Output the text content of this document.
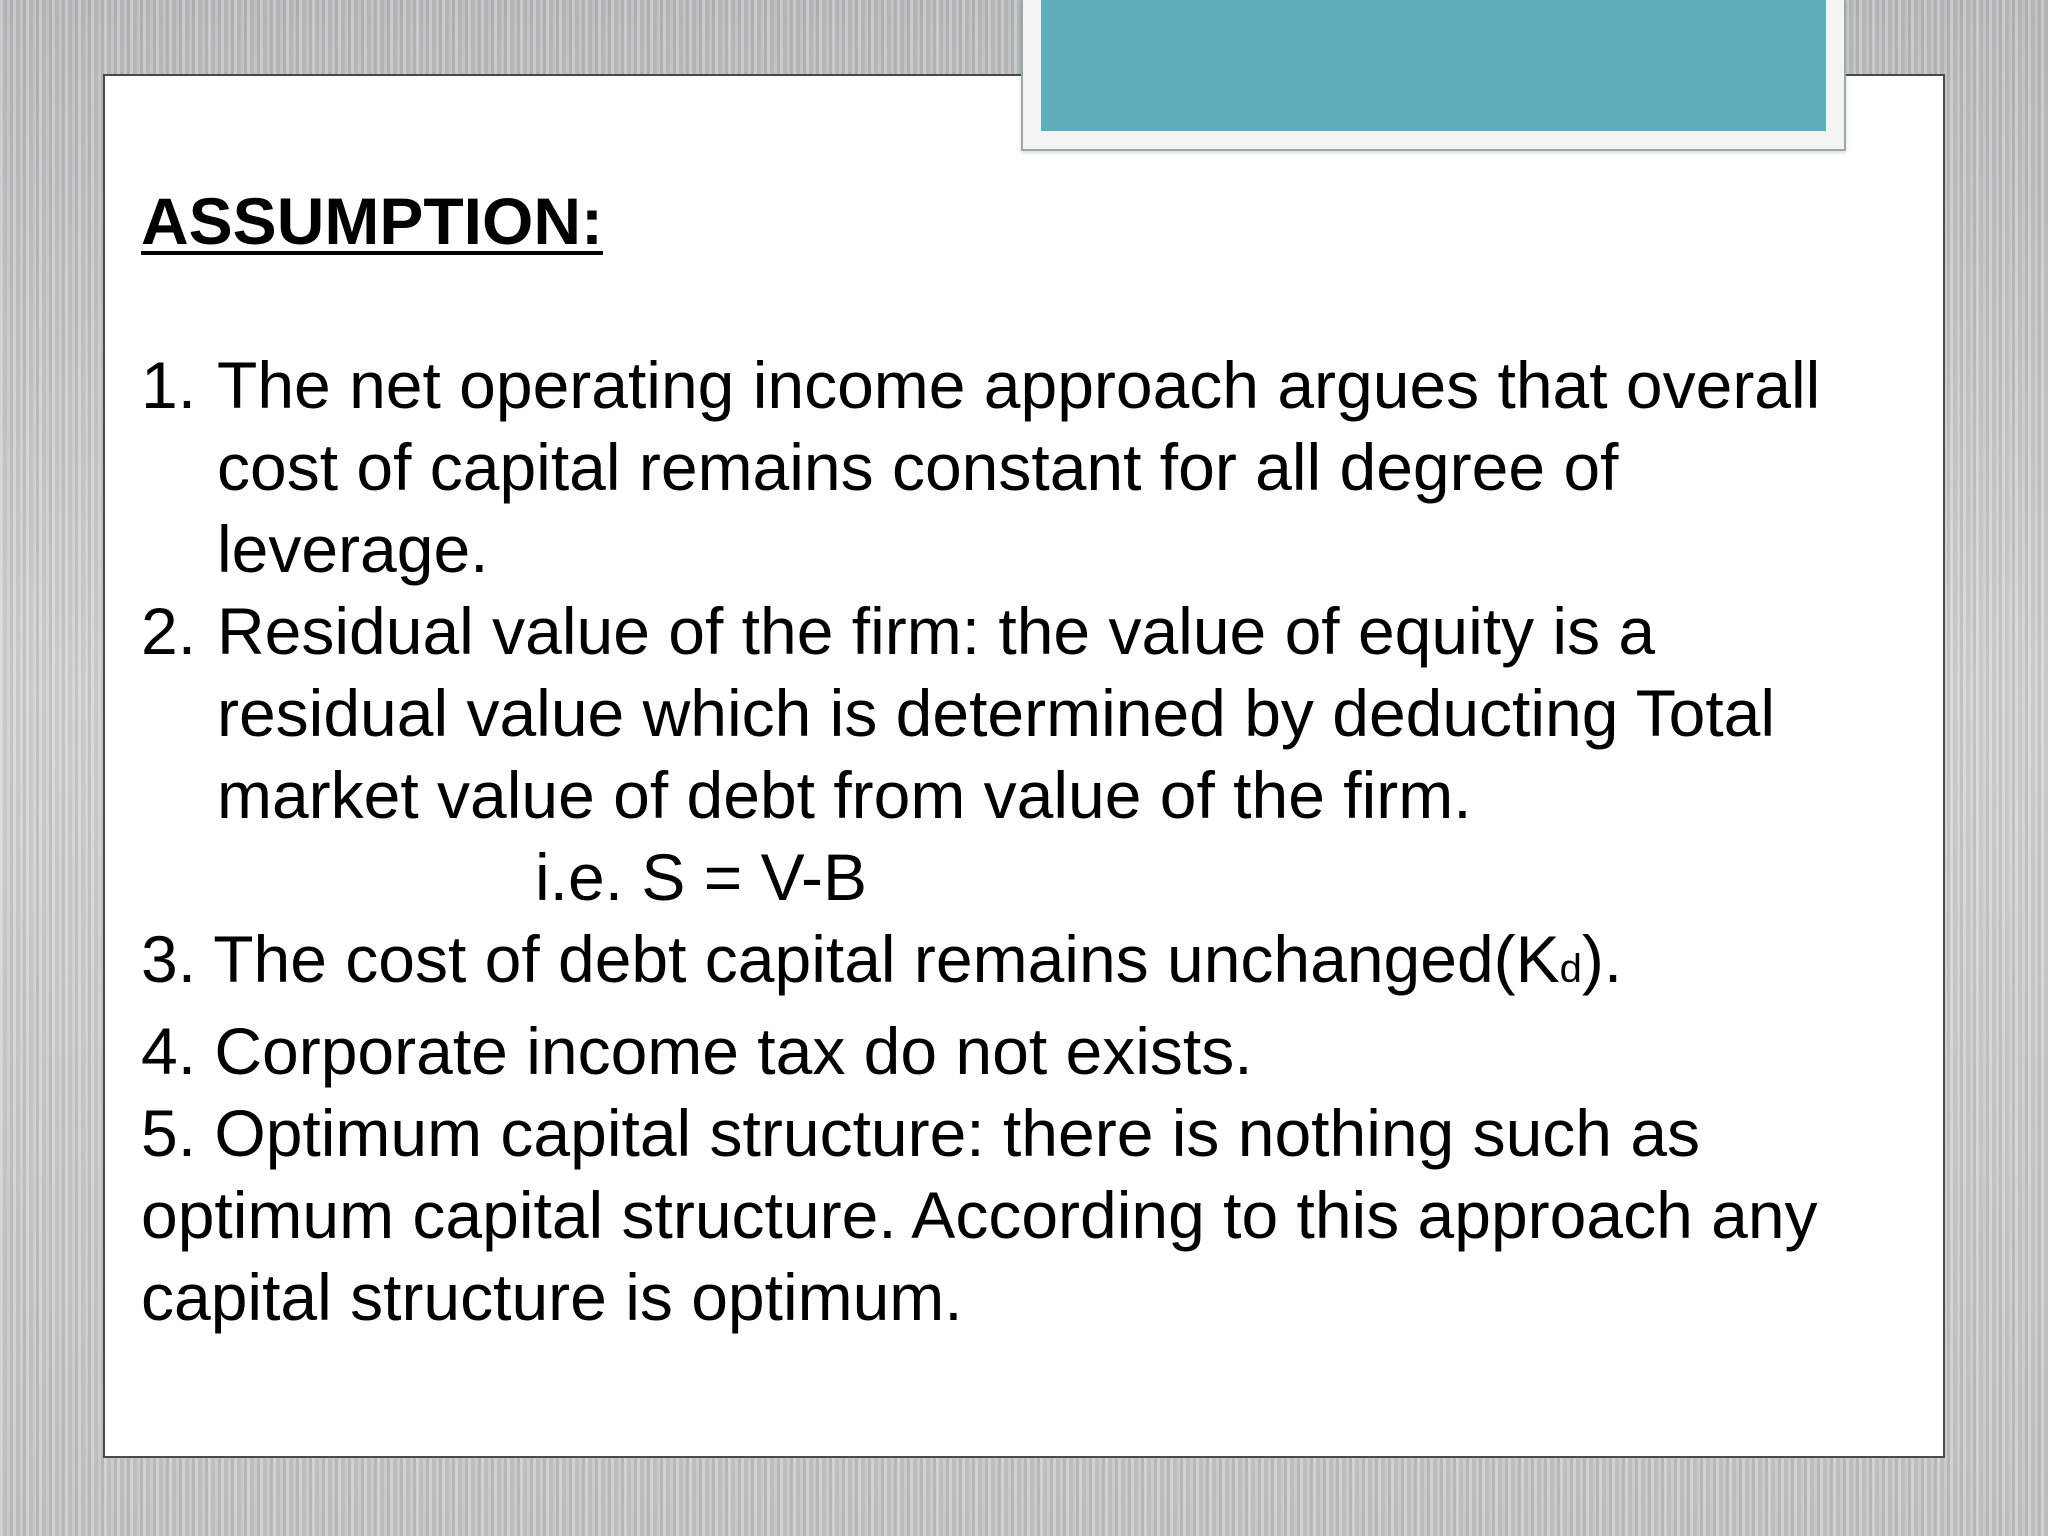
ASSUMPTION:
1. The net operating income approach argues that overall cost of capital remains constant for all degree of leverage.
2. Residual value of the firm: the value of equity is a residual value which is determined by deducting Total market value of debt from value of the firm.
i.e. S = V-B
3. The cost of debt capital remains unchanged(Kd).
4. Corporate income tax do not exists.
5. Optimum capital structure: there is nothing such as optimum capital structure. According to this approach any capital structure is optimum.
